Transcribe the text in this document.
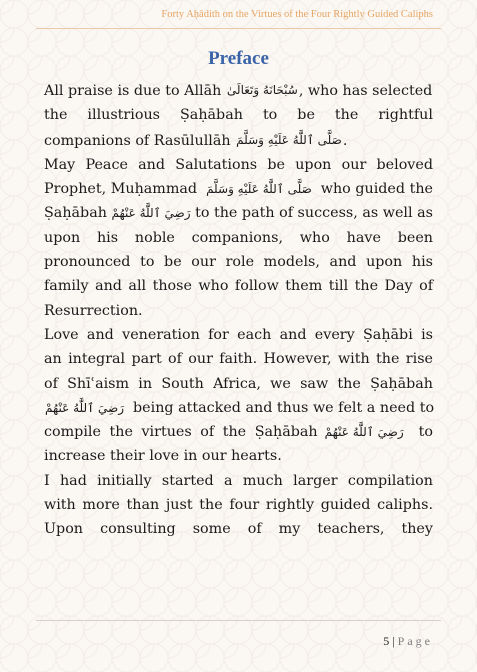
Forty Aḥādith on the Virtues of the Four Rightly Guided Caliphs
Preface

All praise is due to Allāh سُبْحَانَهُ وَتَعَالَىٰ, who has selected
the illustrious Ṣaḥābah to be the rightful
companions of Rasūlullāh صَلَّى ٱللَّٰهُ عَلَيْهِ وَسَلَّمَ.

May Peace and Salutations be upon our beloved
Prophet, Muḥammad صَلَّى ٱللَّٰهُ عَلَيْهِ وَسَلَّمَ who guided the
Ṣaḥābah رَضِيَ ٱللَّٰهُ عَنْهُمْ to the path of success, as well as
upon his noble companions, who have been
pronounced to be our role models, and upon his
family and all those who follow them till the Day of
Resurrection.

Love and veneration for each and every Ṣaḥābi is
an integral part of our faith. However, with the rise
of Shīʿaism in South Africa, we saw the Ṣaḥābah
رَضِيَ ٱللَّٰهُ عَنْهُمْ being attacked and thus we felt a need to
compile the virtues of the Ṣaḥābah رَضِيَ ٱللَّٰهُ عَنْهُمْ to
increase their love in our hearts.

I had initially started a much larger compilation
with more than just the four rightly guided caliphs.
Upon consulting some of my teachers, they

5 | Page
